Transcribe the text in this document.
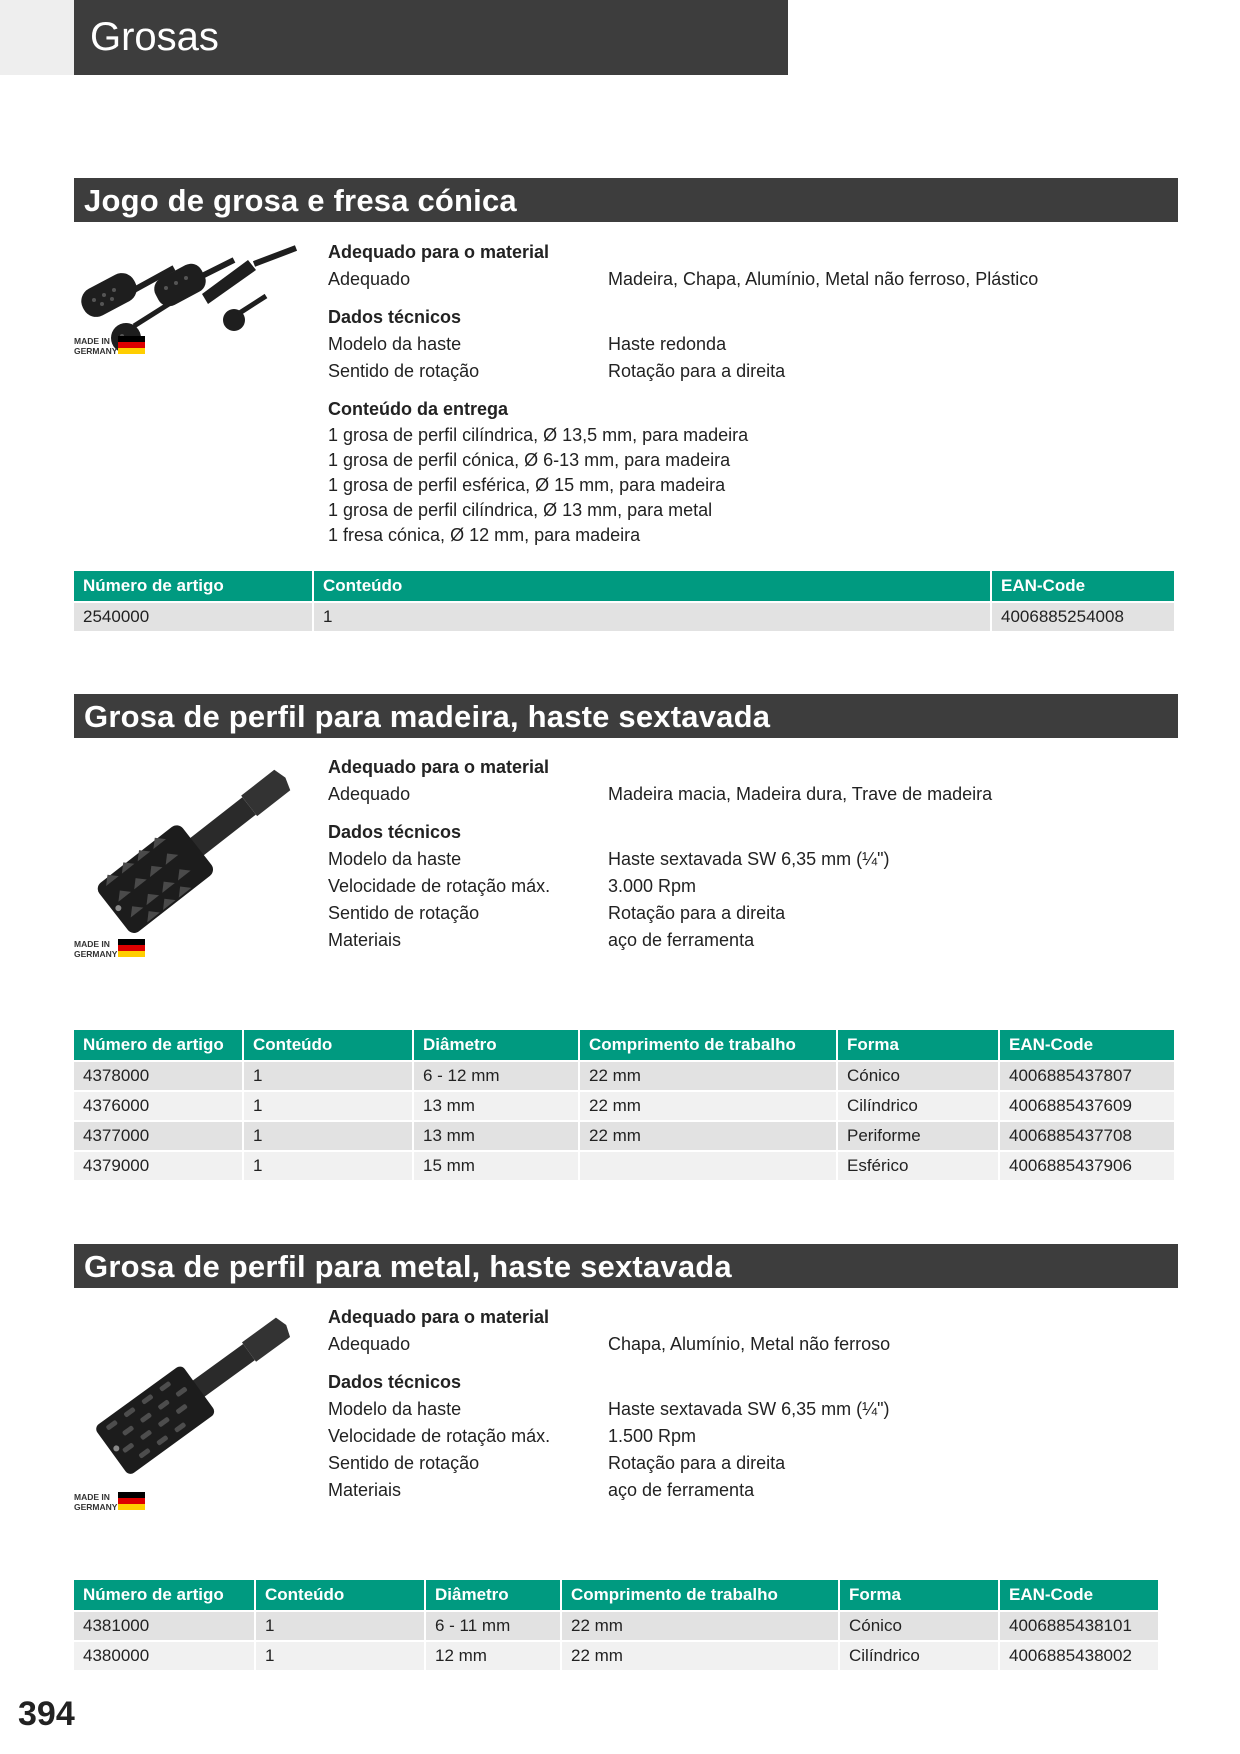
Grosas
Jogo de grosa e fresa cónica
MADE IN
GERMANY
Adequado para o material
Adequado	Madeira, Chapa, Alumínio, Metal não ferroso, Plástico
Dados técnicos
Modelo da haste	Haste redonda
Sentido de rotação	Rotação para a direita
Conteúdo da entrega
1 grosa de perfil cilíndrica, Ø 13,5 mm, para madeira
1 grosa de perfil cónica, Ø 6-13 mm, para madeira
1 grosa de perfil esférica, Ø 15 mm, para madeira
1 grosa de perfil cilíndrica, Ø 13 mm, para metal
1 fresa cónica, Ø 12 mm, para madeira
Número de artigo	Conteúdo	EAN-Code
2540000	1	4006885254008
Grosa de perfil para madeira, haste sextavada
MADE IN
GERMANY
Adequado para o material
Adequado	Madeira macia, Madeira dura, Trave de madeira
Dados técnicos
Modelo da haste	Haste sextavada SW 6,35 mm (¼")
Velocidade de rotação máx.	3.000 Rpm
Sentido de rotação	Rotação para a direita
Materiais	aço de ferramenta
Número de artigo	Conteúdo	Diâmetro	Comprimento de trabalho	Forma	EAN-Code
4378000	1	6 - 12 mm	22 mm	Cónico	4006885437807
4376000	1	13 mm	22 mm	Cilíndrico	4006885437609
4377000	1	13 mm	22 mm	Periforme	4006885437708
4379000	1	15 mm		Esférico	4006885437906
Grosa de perfil para metal, haste sextavada
MADE IN
GERMANY
Adequado para o material
Adequado	Chapa, Alumínio, Metal não ferroso
Dados técnicos
Modelo da haste	Haste sextavada SW 6,35 mm (¼")
Velocidade de rotação máx.	1.500 Rpm
Sentido de rotação	Rotação para a direita
Materiais	aço de ferramenta
Número de artigo	Conteúdo	Diâmetro	Comprimento de trabalho	Forma	EAN-Code
4381000	1	6 - 11 mm	22 mm	Cónico	4006885438101
4380000	1	12 mm	22 mm	Cilíndrico	4006885438002
394
